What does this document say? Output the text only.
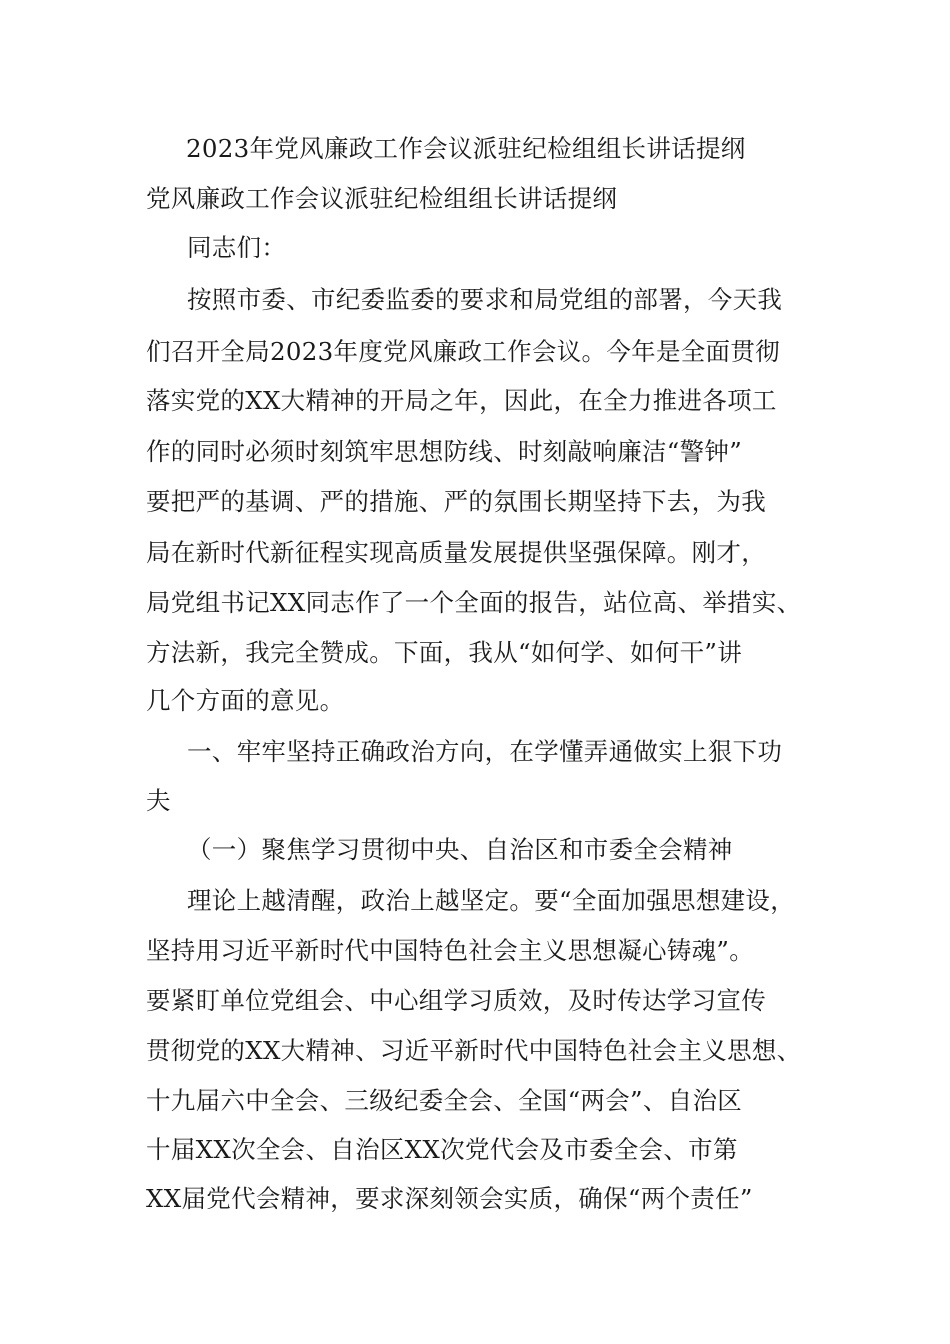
2023年党风廉政工作会议派驻纪检组组长讲话提纲
党风廉政工作会议派驻纪检组组长讲话提纲
同志们：
按照市委、市纪委监委的要求和局党组的部署，今天我
们召开全局2023年度党风廉政工作会议。今年是全面贯彻
落实党的XX大精神的开局之年，因此，在全力推进各项工
作的同时必须时刻筑牢思想防线、时刻敲响廉洁“警钟”
要把严的基调、严的措施、严的氛围长期坚持下去，为我
局在新时代新征程实现高质量发展提供坚强保障。刚才，
局党组书记XX同志作了一个全面的报告，站位高、举措实、
方法新，我完全赞成。下面，我从“如何学、如何干”讲
几个方面的意见。
一、牢牢坚持正确政治方向，在学懂弄通做实上狠下功
夫
（一）聚焦学习贯彻中央、自治区和市委全会精神
理论上越清醒，政治上越坚定。要“全面加强思想建设，
坚持用习近平新时代中国特色社会主义思想凝心铸魂”。
要紧盯单位党组会、中心组学习质效，及时传达学习宣传
贯彻党的XX大精神、习近平新时代中国特色社会主义思想、
十九届六中全会、三级纪委全会、全国“两会”、自治区
十届XX次全会、自治区XX次党代会及市委全会、市第
XX届党代会精神，要求深刻领会实质，确保“两个责任”
